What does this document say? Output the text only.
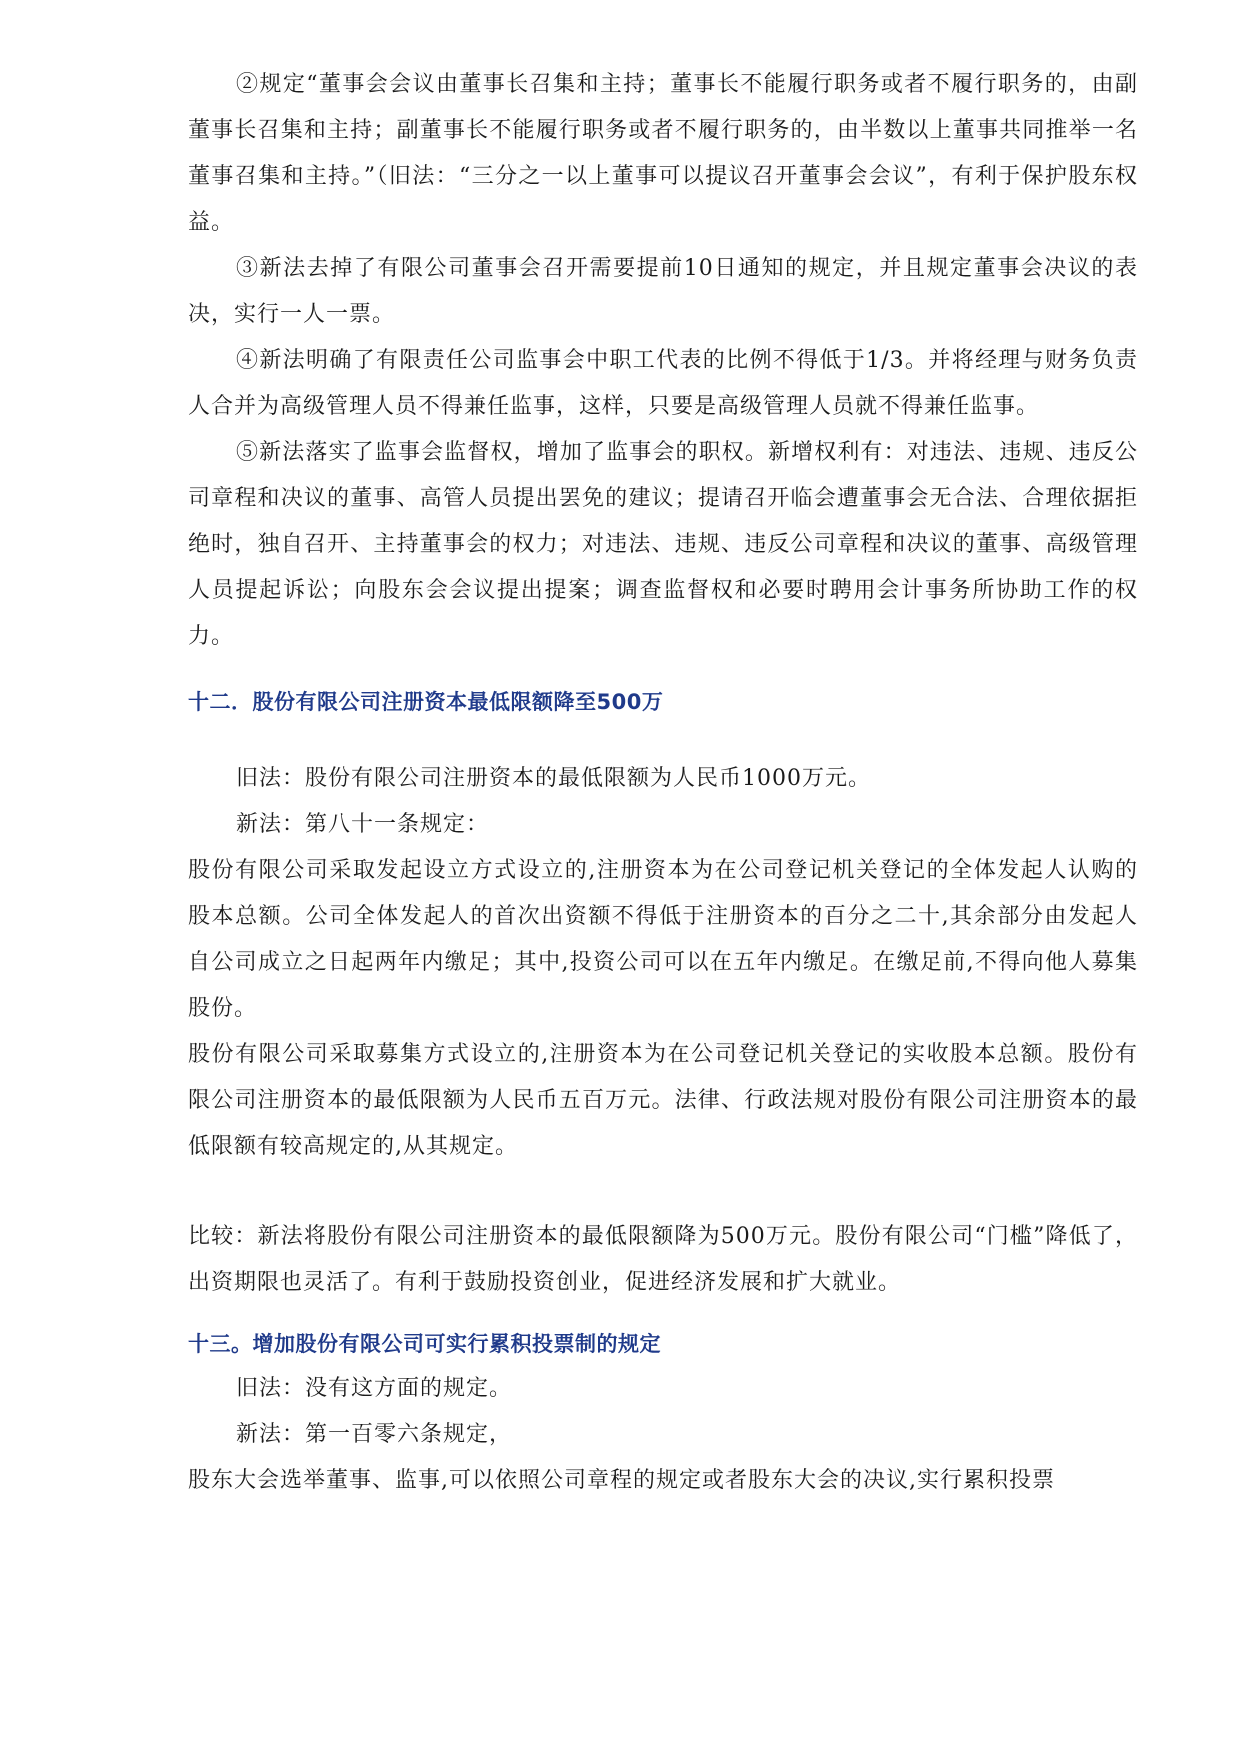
②规定“董事会会议由董事长召集和主持；董事长不能履行职务或者不履行职务的，由副董事长召集和主持；副董事长不能履行职务或者不履行职务的，由半数以上董事共同推举一名董事召集和主持。”（旧法：“三分之一以上董事可以提议召开董事会会议”，有利于保护股东权益。

③新法去掉了有限公司董事会召开需要提前10日通知的规定，并且规定董事会决议的表决，实行一人一票。

④新法明确了有限责任公司监事会中职工代表的比例不得低于1/3。并将经理与财务负责人合并为高级管理人员不得兼任监事，这样，只要是高级管理人员就不得兼任监事。

⑤新法落实了监事会监督权，增加了监事会的职权。新增权利有：对违法、违规、违反公司章程和决议的董事、高管人员提出罢免的建议；提请召开临会遭董事会无合法、合理依据拒绝时，独自召开、主持董事会的权力；对违法、违规、违反公司章程和决议的董事、高级管理人员提起诉讼；向股东会会议提出提案；调查监督权和必要时聘用会计事务所协助工作的权力。

十二．股份有限公司注册资本最低限额降至500万

旧法：股份有限公司注册资本的最低限额为人民币1000万元。

新法：第八十一条规定：

股份有限公司采取发起设立方式设立的,注册资本为在公司登记机关登记的全体发起人认购的股本总额。公司全体发起人的首次出资额不得低于注册资本的百分之二十,其余部分由发起人自公司成立之日起两年内缴足；其中,投资公司可以在五年内缴足。在缴足前,不得向他人募集股份。

股份有限公司采取募集方式设立的,注册资本为在公司登记机关登记的实收股本总额。股份有限公司注册资本的最低限额为人民币五百万元。法律、行政法规对股份有限公司注册资本的最低限额有较高规定的,从其规定。

比较：新法将股份有限公司注册资本的最低限额降为500万元。股份有限公司“门槛”降低了，出资期限也灵活了。有利于鼓励投资创业，促进经济发展和扩大就业。

十三。增加股份有限公司可实行累积投票制的规定

旧法：没有这方面的规定。

新法：第一百零六条规定，

股东大会选举董事、监事,可以依照公司章程的规定或者股东大会的决议,实行累积投票
